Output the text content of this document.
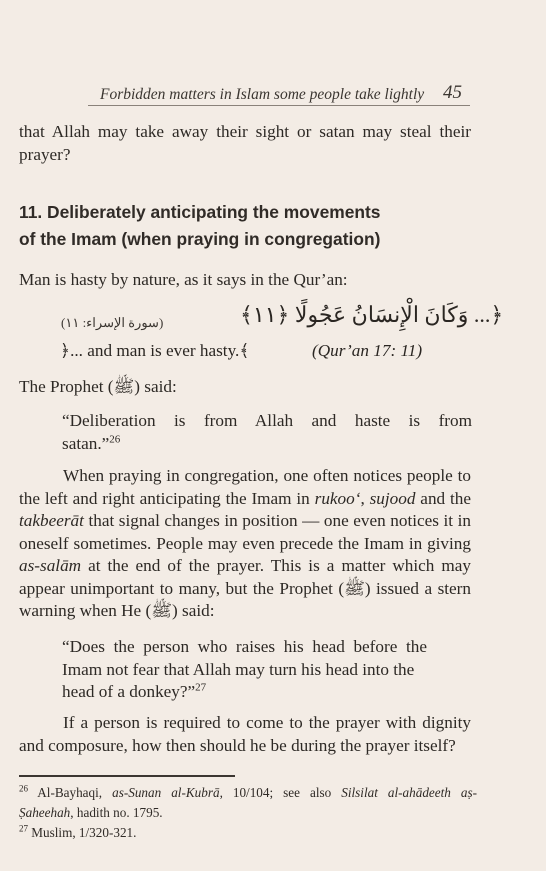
Forbidden matters in Islam some people take lightly 45
that Allah may take away their sight or satan may steal their
prayer?
11. Deliberately anticipating the movements
of the Imam (when praying in congregation)
Man is hasty by nature, as it says in the Qur’an:
(سورة الإسراء: ١١)	﴿... وَكَانَ الْإِنسَانُ عَجُولًا ﴿١١﴾
﴿... and man is ever hasty.﴾	(Qur’an 17: 11)
The Prophet (ﷺ) said:
“Deliberation is from Allah and haste is from
satan.”$^{26}$
When praying in congregation, one often notices people to
the left and right anticipating the Imam in rukoo‘, sujood and the
takbeerāt that signal changes in position — one even notices it in
oneself sometimes. People may even precede the Imam in giving
as-salām at the end of the prayer. This is a matter which may
appear unimportant to many, but the Prophet (ﷺ) issued a stern
warning when He (ﷺ) said:
“Does the person who raises his head before the
Imam not fear that Allah may turn his head into the
head of a donkey?”$^{27}$
If a person is required to come to the prayer with dignity
and composure, how then should he be during the prayer itself?

$^{26}$ Al-Bayhaqi, as-Sunan al-Kubrā, 10/104; see also Silsilat al-ahādeeth aṣ-

Ṣaheehah, hadith no. 1795.

$^{27}$ Muslim, 1/320-321.
